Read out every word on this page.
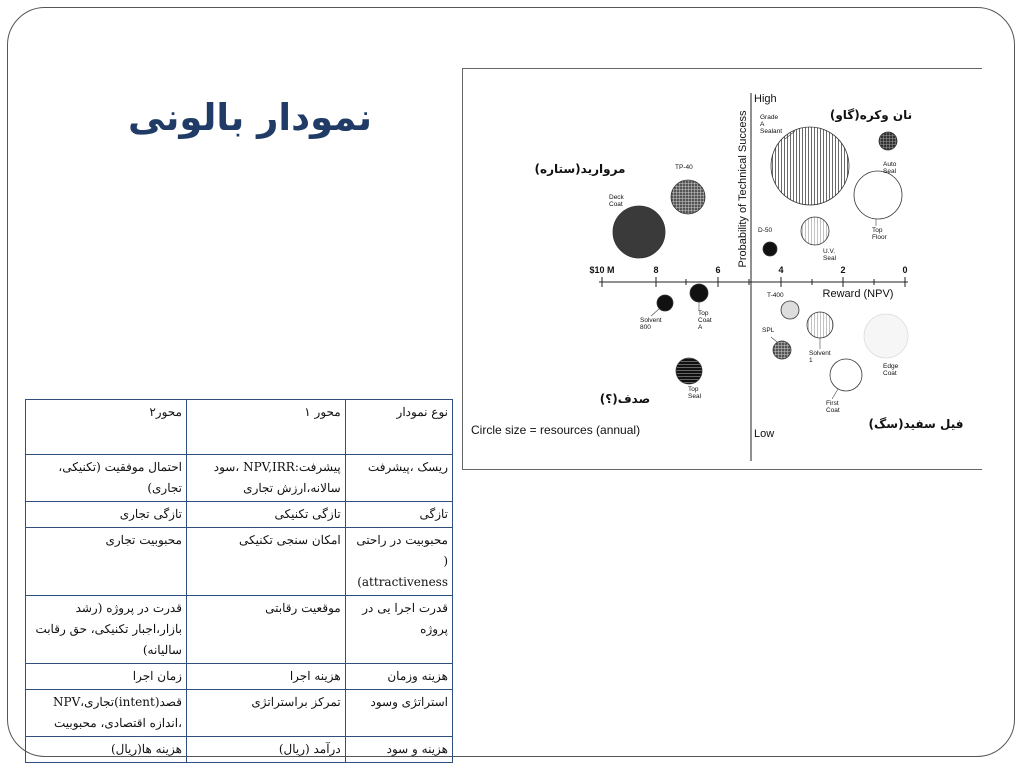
نمودار بالونی
$10 M	8	6	4	2	0
Reward (NPV)
High
Low
Probability of Technical Success
Circle size = resources (annual)
نان وکره(گاو)
مروارید(ستاره)
صدف(؟)
فیل سفید(سگ)
Grade A Sealant
Auto Seal
TP-40
Deck Coat
Top Floor
D-50
U.V. Seal
Solvent 800
Top Coat A
T-400
SPL
Solvent 1
Edge Coat
First Coat
Top Seal
نوع نمودار	محور ۱	محور۲
ریسک ،پیشرفت	پیشرفت:NPV,IRR ،سود سالانه،ارزش تجاری	احتمال موفقیت (تکنیکی، تجاری)
تازگی	تازگی تکنیکی	تازگی تجاری
محبوبیت در راحتی ( attractiveness)	امکان سنجی تکنیکی	محبوبیت تجاری
قدرت اجرا یی در پروژه	موقعیت رقابتی	قدرت در پروژه (رشد بازار،اجبار تکنیکی، حق رقابت سالیانه)
هزینه وزمان	هزینه اجرا	زمان اجرا
استراتژی وسود	تمرکز براستراتژی	قصد(intent)تجاری،NPV ،اندازه اقتصادی، محبوبیت
هزینه و سود	درآمد (ریال)	هزینه ها(ریال)
